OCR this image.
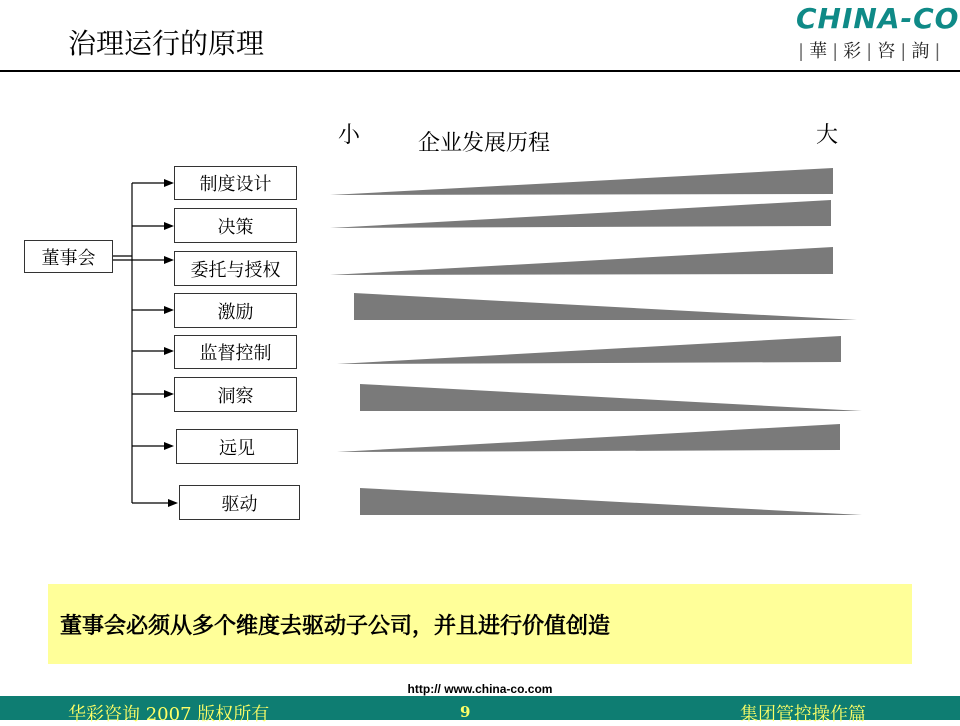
治理运行的原理
CHINA-CO
| 華 | 彩 | 咨 | 詢 |
小	企业发展历程	大
董事会
制度设计
决策
委托与授权
激励
监督控制
洞察
远见
驱动
董事会必须从多个维度去驱动子公司，并且进行价值创造
http:// www.china-co.com
华彩咨询 2007 版权所有	9	集团管控操作篇
